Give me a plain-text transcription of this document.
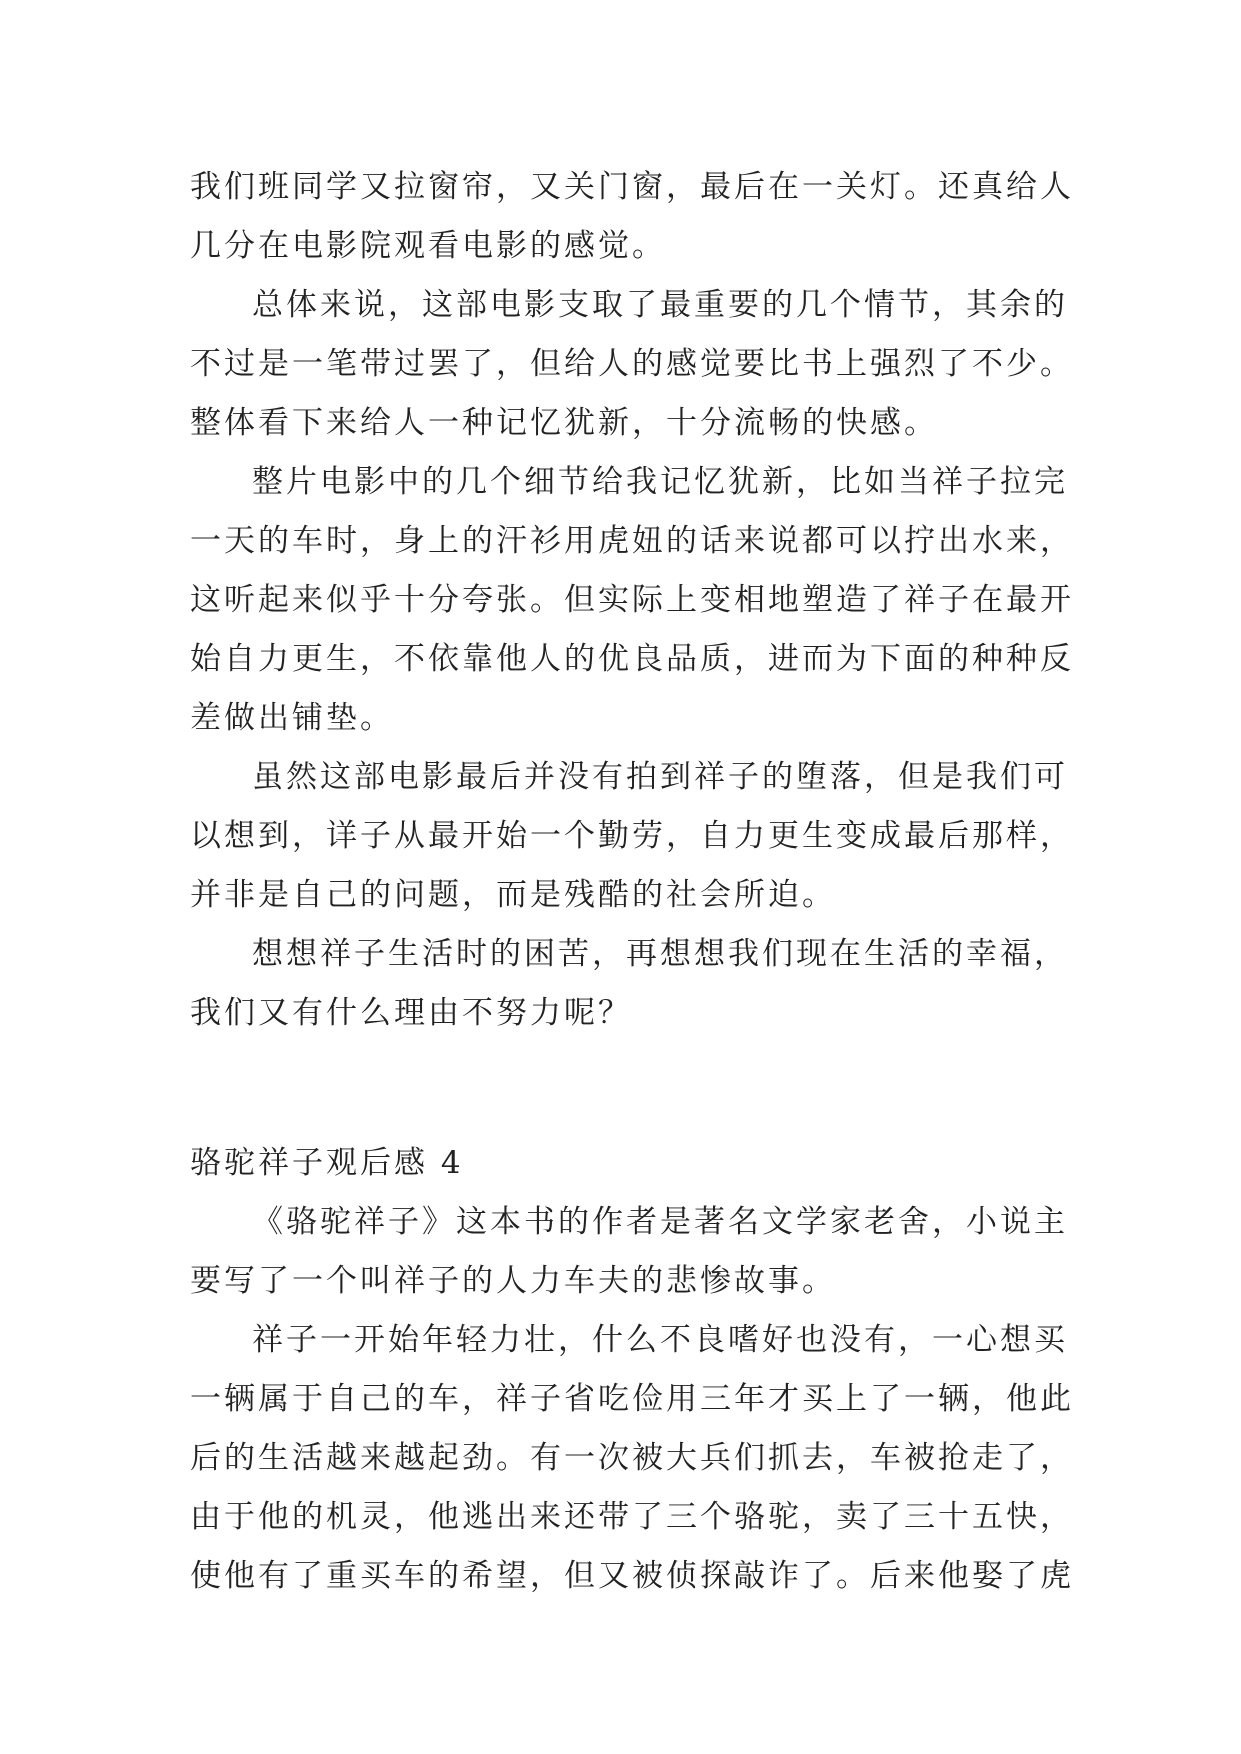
我们班同学又拉窗帘，又关门窗，最后在一关灯。还真给人
几分在电影院观看电影的感觉。
总体来说，这部电影支取了最重要的几个情节，其余的
不过是一笔带过罢了，但给人的感觉要比书上强烈了不少。
整体看下来给人一种记忆犹新，十分流畅的快感。
整片电影中的几个细节给我记忆犹新，比如当祥子拉完
一天的车时，身上的汗衫用虎妞的话来说都可以拧出水来，
这听起来似乎十分夸张。但实际上变相地塑造了祥子在最开
始自力更生，不依靠他人的优良品质，进而为下面的种种反
差做出铺垫。
虽然这部电影最后并没有拍到祥子的堕落，但是我们可
以想到，详子从最开始一个勤劳，自力更生变成最后那样，
并非是自己的问题，而是残酷的社会所迫。
想想祥子生活时的困苦，再想想我们现在生活的幸福，
我们又有什么理由不努力呢？
骆驼祥子观后感 4
《骆驼祥子》这本书的作者是著名文学家老舍，小说主
要写了一个叫祥子的人力车夫的悲惨故事。
祥子一开始年轻力壮，什么不良嗜好也没有，一心想买
一辆属于自己的车，祥子省吃俭用三年才买上了一辆，他此
后的生活越来越起劲。有一次被大兵们抓去，车被抢走了，
由于他的机灵，他逃出来还带了三个骆驼，卖了三十五快，
使他有了重买车的希望，但又被侦探敲诈了。后来他娶了虎
